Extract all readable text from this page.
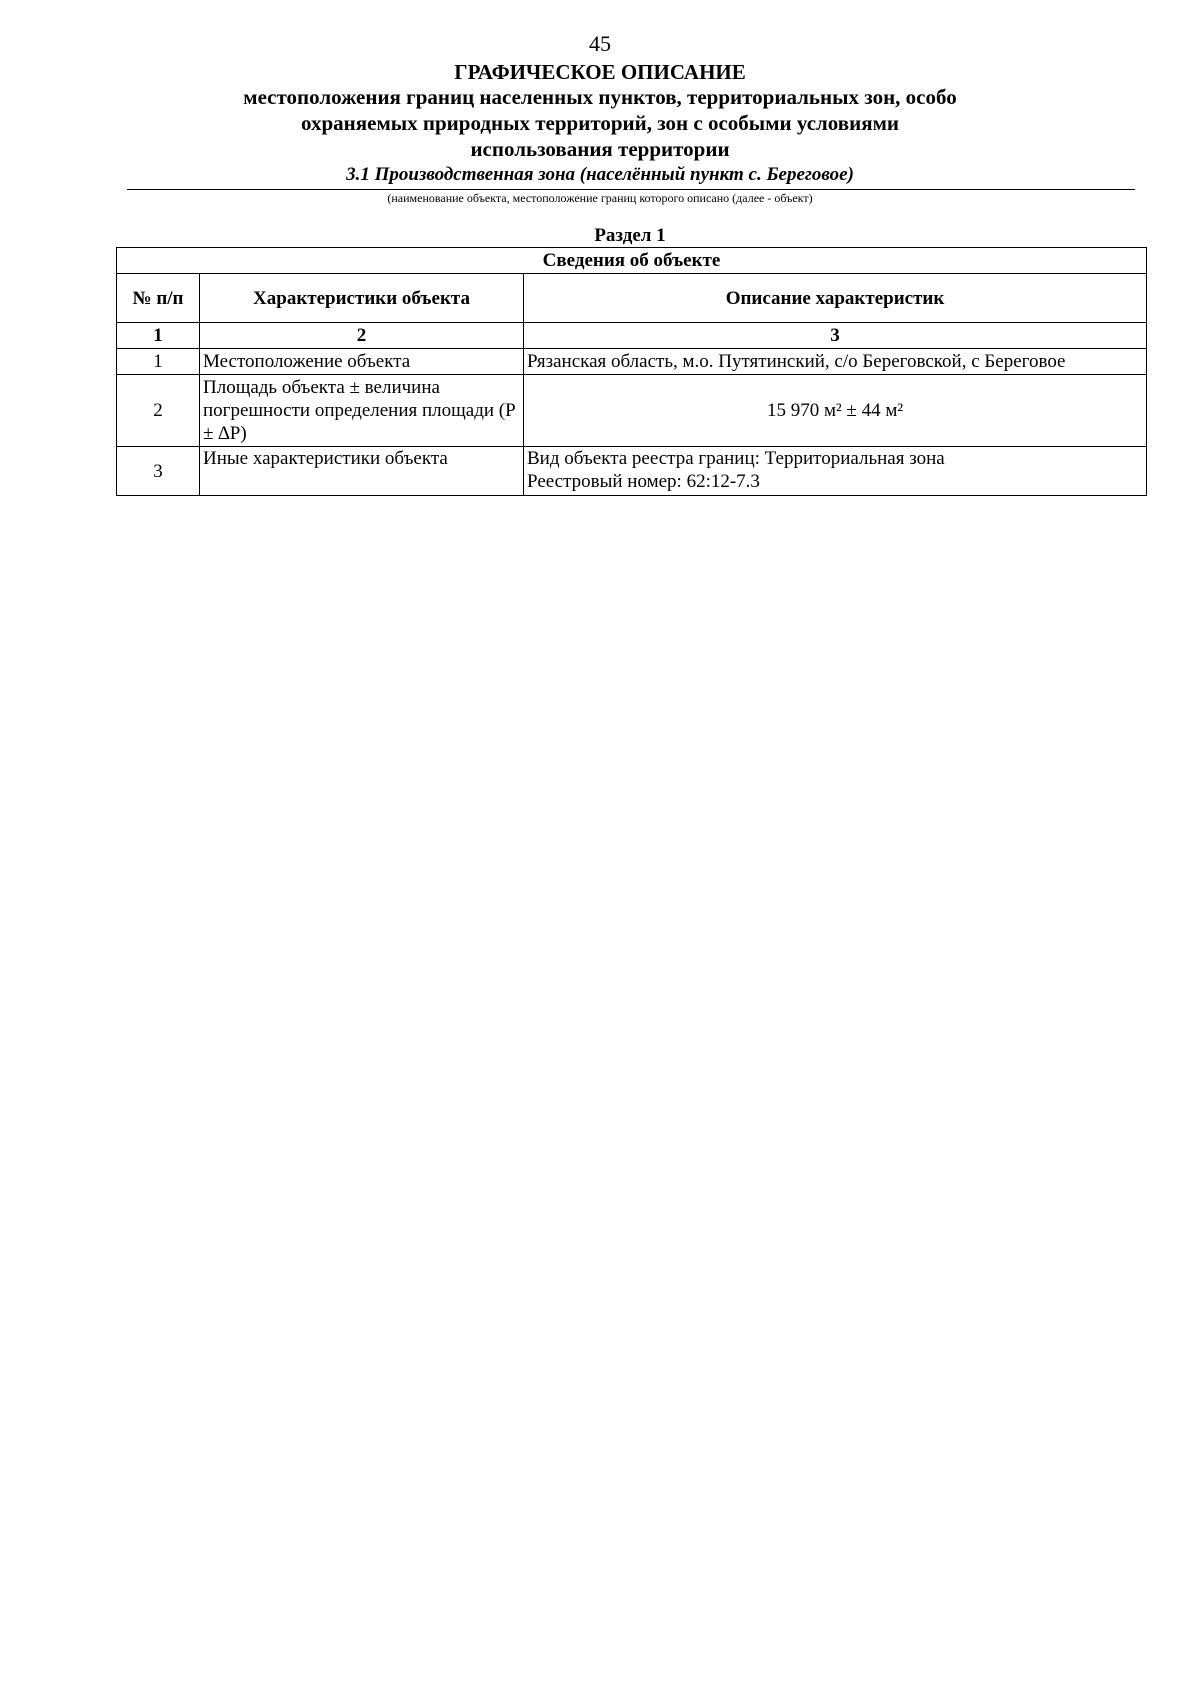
45
ГРАФИЧЕСКОЕ ОПИСАНИЕ
местоположения границ населенных пунктов, территориальных зон, особо охраняемых природных территорий, зон с особыми условиями использования территории
3.1 Производственная зона (населённый пункт с. Береговое)
(наименование объекта, местоположение границ которого описано (далее - объект)
Раздел 1
Сведения об объекте		
№ п/п	Характеристики объекта	Описание характеристик
1	2	3
1	Местоположение объекта	Рязанская область, м.о. Путятинский, с/о Береговской, с Береговое
2	Площадь объекта ± величина погрешности определения площади (Р ± ∆Р)	15 970 м² ± 44 м²
3	Иные характеристики объекта	Вид объекта реестра границ: Территориальная зона
Реестровый номер: 62:12-7.3
